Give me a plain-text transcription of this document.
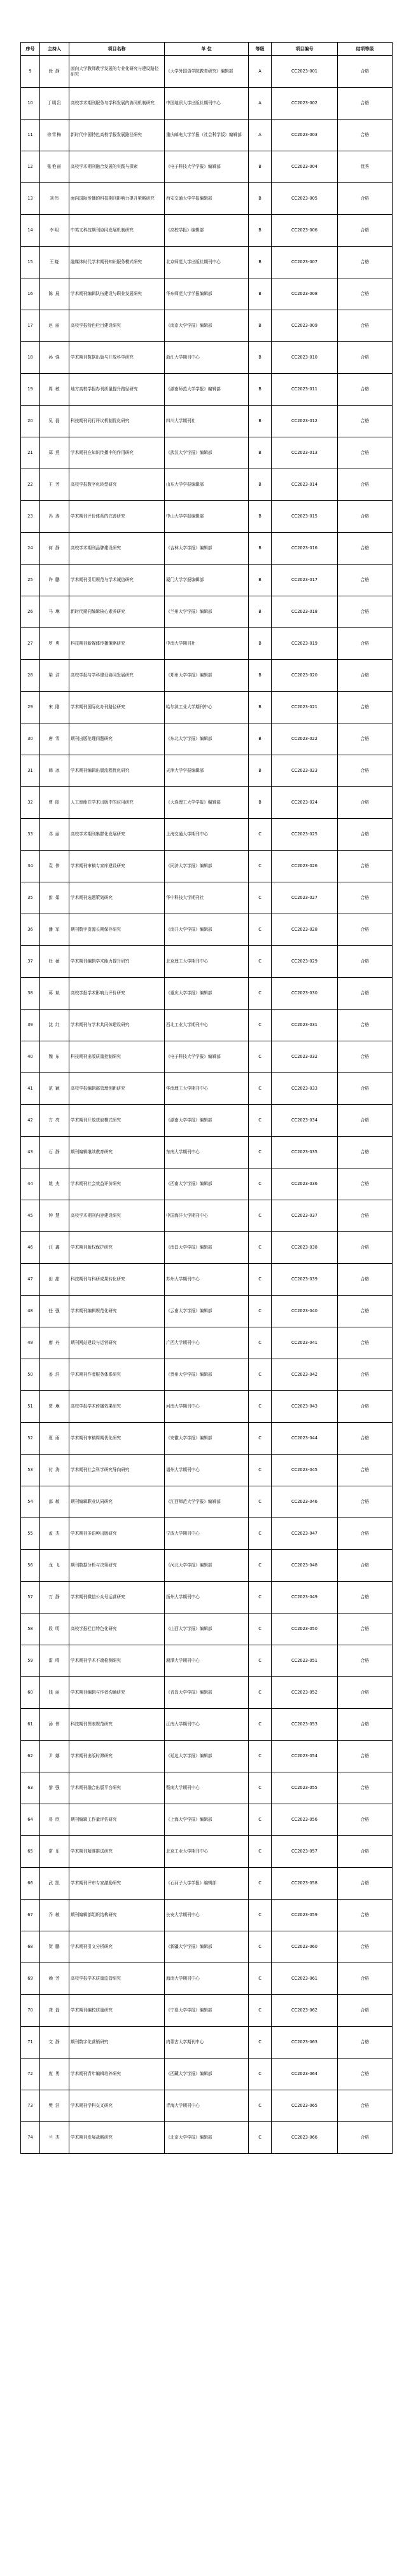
序号	主持人	项目名称	单 位	等级	项目编号	结项等级
9	徐 静	面向大学教师教学发展的专业化研究与建设路径研究	《大学外国语学院教育研究》编辑部	A	CC2023-001	合格
10	丁明贵	高校学术期刊服务与学科发展的协同机制研究	中国地质大学出版社期刊中心	A	CC2023-002	合格
11	徐雪梅	新时代中国特色高校学报发展路径研究	重庆邮电大学学报（社会科学版）编辑部	A	CC2023-003	合格
12	张艳丽	高校学术期刊融合发展的实践与探索	《电子科技大学学报》编辑部	B	CC2023-004	优秀
13	刘伟	面向国际传播的科技期刊影响力提升策略研究	西安交通大学学报编辑部	B	CC2023-005	合格
14	李明	中英文科技期刊协同发展机制研究	《高校学报》编辑部	B	CC2023-006	合格
15	王晓	融媒体时代学术期刊知识服务模式研究	北京师范大学出版社期刊中心	B	CC2023-007	合格
16	陈 晨	学术期刊编辑队伍建设与职业发展研究	华东师范大学学报编辑部	B	CC2023-008	合格
17	赵 丽	高校学报特色栏目建设研究	《南京大学学报》编辑部	B	CC2023-009	合格
18	孙 强	学术期刊数据出版与开放科学研究	浙江大学期刊中心	B	CC2023-010	合格
19	周 敏	地方高校学报办刊质量提升路径研究	《湖南师范大学学报》编辑部	B	CC2023-011	合格
20	吴 磊	科技期刊同行评议机制优化研究	四川大学期刊社	B	CC2023-012	合格
21	郑 燕	学术期刊在知识传播中的作用研究	《武汉大学学报》编辑部	B	CC2023-013	合格
22	王 芳	高校学报数字化转型研究	山东大学学报编辑部	B	CC2023-014	合格
23	冯 涛	学术期刊评价体系的完善研究	中山大学学报编辑部	B	CC2023-015	合格
24	何 静	高校学术期刊品牌建设研究	《吉林大学学报》编辑部	B	CC2023-016	合格
25	许 鹏	学术期刊引用规范与学术诚信研究	厦门大学学报编辑部	B	CC2023-017	合格
26	马 琳	新时代期刊编辑核心素养研究	《兰州大学学报》编辑部	B	CC2023-018	合格
27	罗 勇	科技期刊新媒体传播策略研究	中南大学期刊社	B	CC2023-019	合格
28	梁 洁	高校学报与学科建设协同发展研究	《郑州大学学报》编辑部	B	CC2023-020	合格
29	宋 刚	学术期刊国际化办刊路径研究	哈尔滨工业大学期刊中心	B	CC2023-021	合格
30	唐 雪	期刊出版伦理问题研究	《东北大学学报》编辑部	B	CC2023-022	合格
31	韩 冰	学术期刊编辑出版流程优化研究	天津大学学报编辑部	B	CC2023-023	合格
32	曹 阳	人工智能在学术出版中的应用研究	《大连理工大学学报》编辑部	B	CC2023-024	合格
33	邓 丽	高校学术期刊集群化发展研究	上海交通大学期刊中心	C	CC2023-025	合格
34	袁 伟	学术期刊审稿专家库建设研究	《同济大学学报》编辑部	C	CC2023-026	合格
35	彭 娟	学术期刊选题策划研究	华中科技大学期刊社	C	CC2023-027	合格
36	潘 军	期刊数字资源长期保存研究	《南开大学学报》编辑部	C	CC2023-028	合格
37	杜 薇	学术期刊编辑学术能力提升研究	北京理工大学期刊中心	C	CC2023-029	合格
38	蒋 斌	高校学报学术影响力评价研究	《重庆大学学报》编辑部	C	CC2023-030	合格
39	沈 红	学术期刊与学术共同体建设研究	西北工业大学期刊中心	C	CC2023-031	合格
40	魏 东	科技期刊出版质量控制研究	《电子科技大学学报》编辑部	C	CC2023-032	合格
41	范 颖	高校学报编辑部管理创新研究	华南理工大学期刊中心	C	CC2023-033	合格
42	方 亮	学术期刊开放获取模式研究	《湖南大学学报》编辑部	C	CC2023-034	合格
43	石 静	期刊编辑继续教育研究	东南大学期刊中心	C	CC2023-035	合格
44	姚 杰	学术期刊社会效益评价研究	《西南大学学报》编辑部	C	CC2023-036	合格
45	钟 慧	高校学术期刊内容建设研究	中国海洋大学期刊中心	C	CC2023-037	合格
46	汪 鑫	学术期刊版权保护研究	《南昌大学学报》编辑部	C	CC2023-038	合格
47	田 甜	科技期刊与科研成果转化研究	苏州大学期刊中心	C	CC2023-039	合格
48	任 强	学术期刊编辑规范化研究	《云南大学学报》编辑部	C	CC2023-040	合格
49	廖 丹	期刊网站建设与运营研究	广西大学期刊中心	C	CC2023-041	合格
50	姜 浩	学术期刊作者服务体系研究	《贵州大学学报》编辑部	C	CC2023-042	合格
51	贾 琳	高校学报学术传播效果研究	河南大学期刊中心	C	CC2023-043	合格
52	夏 雨	学术期刊审稿周期优化研究	《安徽大学学报》编辑部	C	CC2023-044	合格
53	付 涛	学术期刊社会科学研究导向研究	福州大学期刊中心	C	CC2023-045	合格
54	邵 敏	期刊编辑职业认同研究	《江西师范大学学报》编辑部	C	CC2023-046	合格
55	孟 杰	学术期刊多语种出版研究	宁波大学期刊中心	C	CC2023-047	合格
56	龙 飞	期刊数据分析与决策研究	《河北大学学报》编辑部	C	CC2023-048	合格
57	万 静	学术期刊微信公众号运营研究	扬州大学期刊中心	C	CC2023-049	合格
58	段 明	高校学报栏目特色化研究	《山西大学学报》编辑部	C	CC2023-050	合格
59	雷 鸣	学术期刊学术不端检测研究	湘潭大学期刊中心	C	CC2023-051	合格
60	钱 丽	学术期刊编辑与作者沟通研究	《青岛大学学报》编辑部	C	CC2023-052	合格
61	汤 伟	科技期刊图表规范研究	江南大学期刊中心	C	CC2023-053	合格
62	尹 娜	学术期刊出版时滞研究	《延边大学学报》编辑部	C	CC2023-054	合格
63	黎 强	学术期刊融合出版平台研究	暨南大学期刊中心	C	CC2023-055	合格
64	易 欣	期刊编辑工作量评估研究	《上海大学学报》编辑部	C	CC2023-056	合格
65	常 乐	学术期刊精准推送研究	北京工业大学期刊中心	C	CC2023-057	合格
66	武 凯	学术期刊评审专家激励研究	《石河子大学学报》编辑部	C	CC2023-058	合格
67	乔 敏	期刊编辑部组织结构研究	长安大学期刊中心	C	CC2023-059	合格
68	贺 鹏	学术期刊引文分析研究	《新疆大学学报》编辑部	C	CC2023-060	合格
69	赖 芳	高校学报学术质量监管研究	海南大学期刊中心	C	CC2023-061	合格
70	龚 磊	学术期刊编校质量研究	《宁夏大学学报》编辑部	C	CC2023-062	合格
71	文 静	期刊数字化营销研究	内蒙古大学期刊中心	C	CC2023-063	合格
72	庞 勇	学术期刊青年编辑培养研究	《西藏大学学报》编辑部	C	CC2023-064	合格
73	樊 洁	学术期刊学科交叉研究	青海大学期刊中心	C	CC2023-065	合格
74	兰 杰	学术期刊发展战略研究	《北京大学学报》编辑部	C	CC2023-066	合格
